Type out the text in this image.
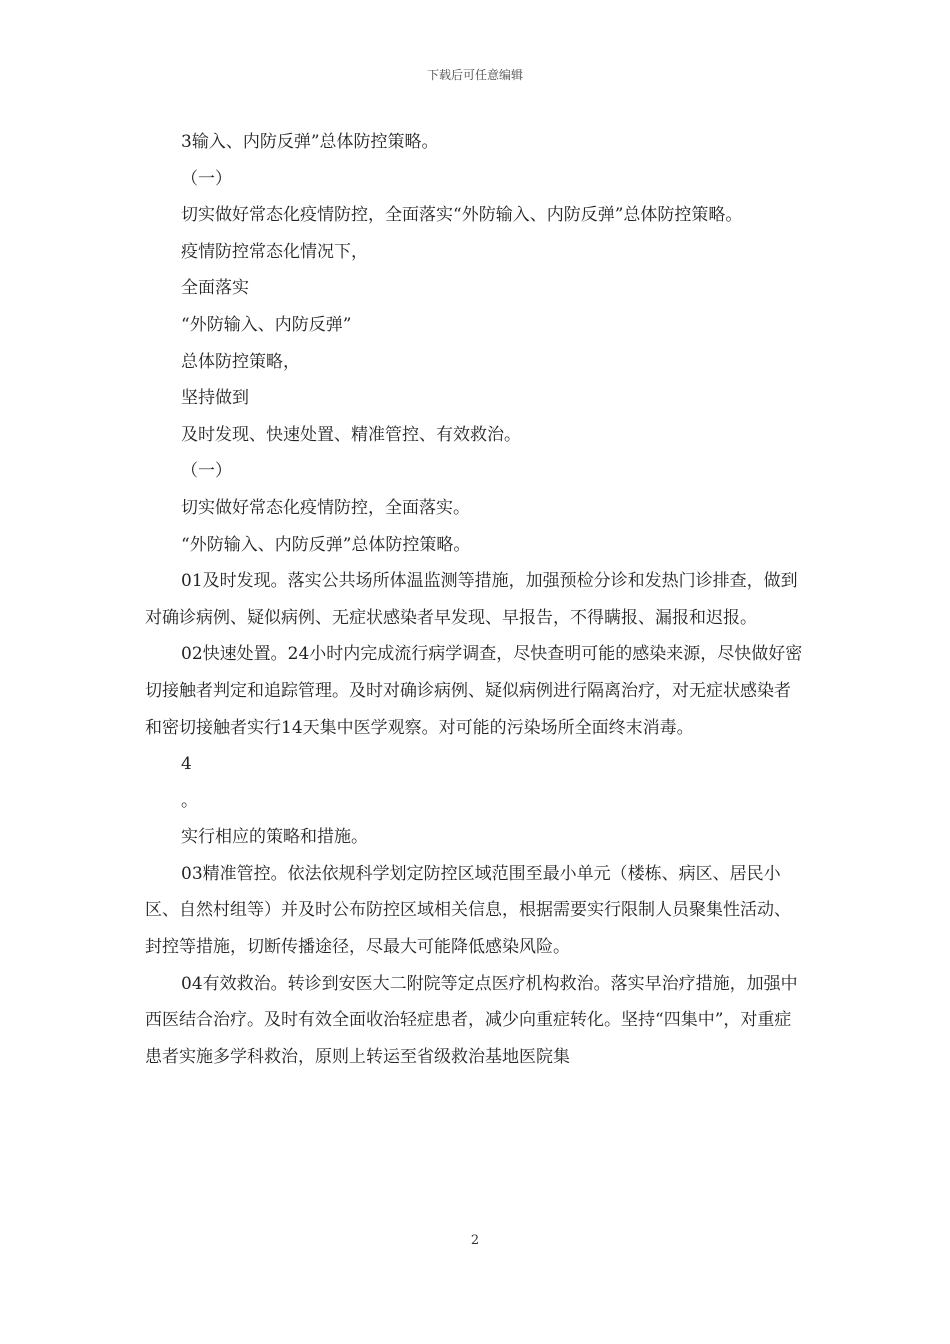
下载后可任意编辑

3输入、内防反弹”总体防控策略。

（一）

切实做好常态化疫情防控，全面落实“外防输入、内防反弹”总体防控策略。

疫情防控常态化情况下，

全面落实

“外防输入、内防反弹”

总体防控策略，

坚持做到

及时发现、快速处置、精准管控、有效救治。

（一）

切实做好常态化疫情防控，全面落实。

“外防输入、内防反弹”总体防控策略。

01及时发现。落实公共场所体温监测等措施，加强预检分诊和发热门诊排查，做到对确诊病例、疑似病例、无症状感染者早发现、早报告，不得瞒报、漏报和迟报。

02快速处置。24小时内完成流行病学调查，尽快查明可能的感染来源，尽快做好密切接触者判定和追踪管理。及时对确诊病例、疑似病例进行隔离治疗，对无症状感染者和密切接触者实行14天集中医学观察。对可能的污染场所全面终末消毒。

4

。

实行相应的策略和措施。

03精准管控。依法依规科学划定防控区域范围至最小单元（楼栋、病区、居民小区、自然村组等）并及时公布防控区域相关信息，根据需要实行限制人员聚集性活动、封控等措施，切断传播途径，尽最大可能降低感染风险。

04有效救治。转诊到安医大二附院等定点医疗机构救治。落实早治疗措施，加强中西医结合治疗。及时有效全面收治轻症患者，减少向重症转化。坚持“四集中”，对重症患者实施多学科救治，原则上转运至省级救治基地医院集

2
